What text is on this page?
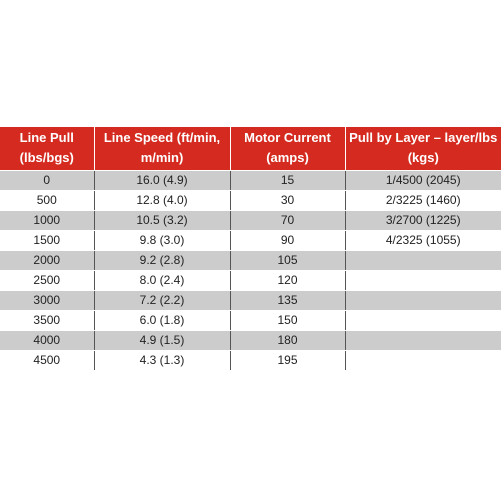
Line Pull (lbs/bgs)	Line Speed (ft/min, m/min)	Motor Current (amps)	Pull by Layer – layer/lbs (kgs)
0	16.0 (4.9)	15	1/4500 (2045)
500	12.8 (4.0)	30	2/3225 (1460)
1000	10.5 (3.2)	70	3/2700 (1225)
1500	9.8 (3.0)	90	4/2325 (1055)
2000	9.2 (2.8)	105	
2500	8.0 (2.4)	120	
3000	7.2 (2.2)	135	
3500	6.0 (1.8)	150	
4000	4.9 (1.5)	180	
4500	4.3 (1.3)	195	
